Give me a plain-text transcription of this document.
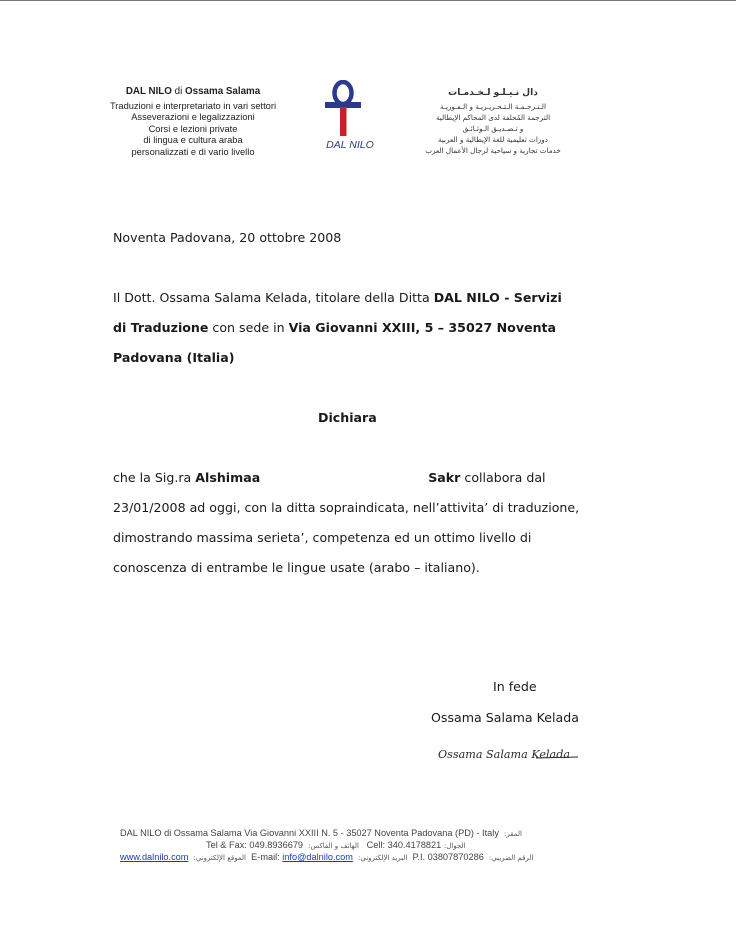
DAL NILO di Ossama Salama
Traduzioni e interpretariato in vari settori
Asseverazioni e legalizzazioni
Corsi e lezioni private
di lingua e cultura araba
personalizzati e di vario livello
DAL NILO
دال نـيـلـو لـخـدمـات
الـتـرجـمـة الـتـحـريـريـة و الـفـوريـة
الترجمة المُحلفة لدى المحاكم الإيطالية
و تـصـديـق الـوثـائـق
دورات تعليمية للغة الإيطالية و العربية
خدمات تجارية و سياحية لرجال الأعمال العرب
Noventa Padovana, 20 ottobre 2008
Il Dott. Ossama Salama Kelada, titolare della Ditta DAL NILO - Servizi
di Traduzione con sede in Via Giovanni XXIII, 5 – 35027 Noventa
Padovana (Italia)
Dichiara
che la Sig.ra Alshimaa	Sakr collabora dal
23/01/2008 ad oggi, con la ditta sopraindicata, nell’attivita’ di traduzione,
dimostrando massima serieta’, competenza ed un ottimo livello di
conoscenza di entrambe le lingue usate (arabo – italiano).
In fede
Ossama Salama Kelada
Ossama Salama Kelada
DAL NILO di Ossama Salama Via Giovanni XXIII N. 5 - 35027 Noventa Padovana (PD) - Italy :المقر
Tel & Fax: 049.8936679 :الهاتف و الفاكس Cell: 340.4178821 :الجوال
www.dalnilo.com :الموقع الإلكتروني E-mail: info@dalnilo.com :البريد الإلكتروني P.I. 03807870286 :الرقم الضريبي
